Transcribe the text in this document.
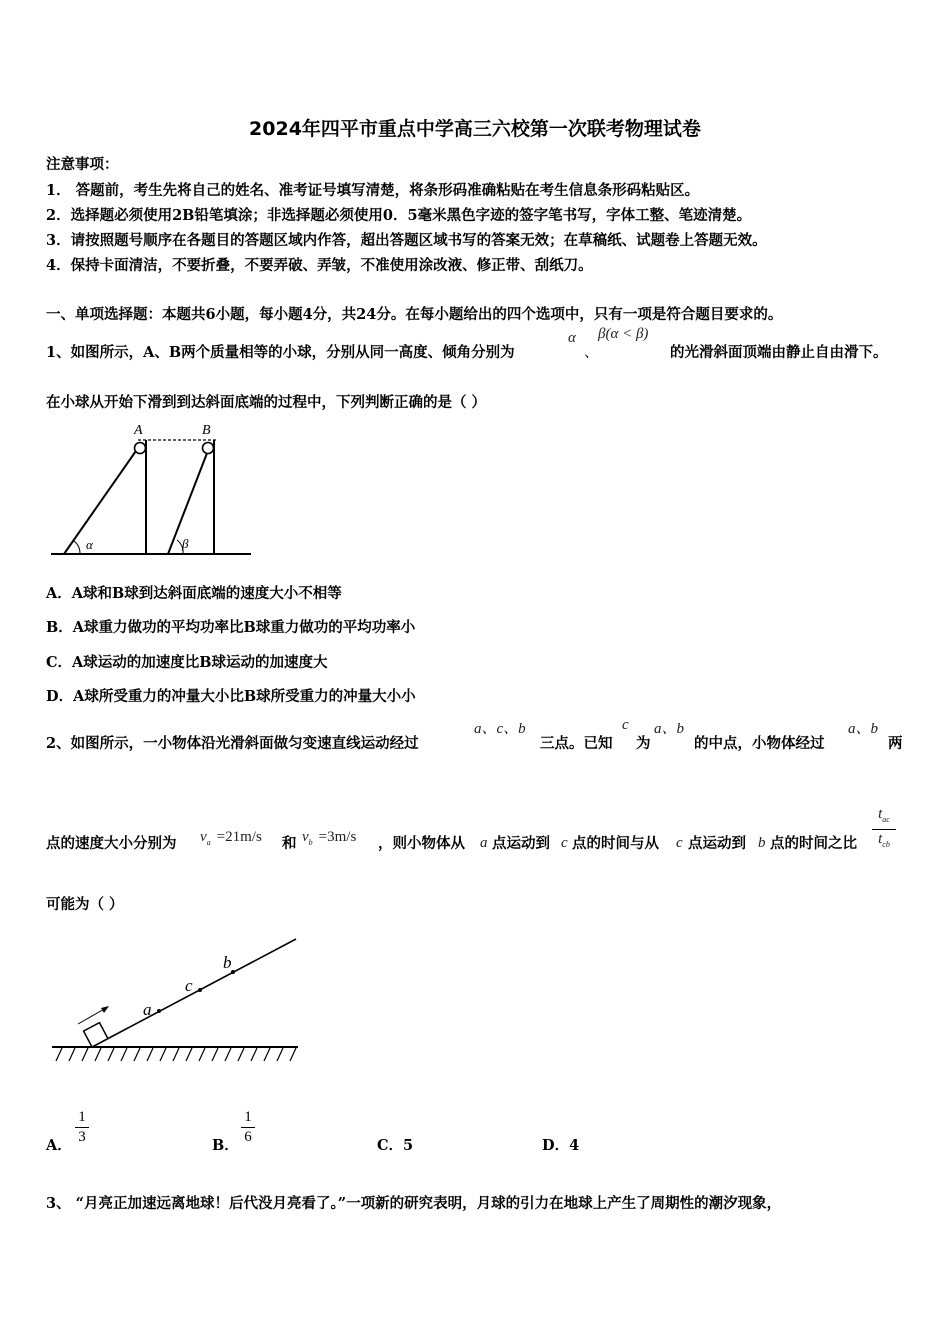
2024年四平市重点中学高三六校第一次联考物理试卷
注意事项：
1． 答题前，考生先将自己的姓名、准考证号填写清楚，将条形码准确粘贴在考生信息条形码粘贴区。
2．选择题必须使用2B铅笔填涂；非选择题必须使用0．5毫米黑色字迹的签字笔书写，字体工整、笔迹清楚。
3．请按照题号顺序在各题目的答题区域内作答，超出答题区域书写的答案无效；在草稿纸、试题卷上答题无效。
4．保持卡面清洁，不要折叠，不要弄破、弄皱，不准使用涂改液、修正带、刮纸刀。
一、单项选择题：本题共6小题，每小题4分，共24分。在每小题给出的四个选项中，只有一项是符合题目要求的。
1、如图所示，A、B两个质量相等的小球，分别从同一高度、倾角分别为
α
、
β(α < β)
的光滑斜面顶端由静止自由滑下。
在小球从开始下滑到到达斜面底端的过程中，下列判断正确的是（ ）
A	B
α	β
A．A球和B球到达斜面底端的速度大小不相等
B．A球重力做功的平均功率比B球重力做功的平均功率小
C．A球运动的加速度比B球运动的加速度大
D．A球所受重力的冲量大小比B球所受重力的冲量大小小
2、如图所示，一小物体沿光滑斜面做匀变速直线运动经过
a、c、b
三点。已知
c
为
a、b
的中点，小物体经过
a、b
两
点的速度大小分别为 $v_a =21m/s$ 和 $v_b =3m/s$ ，则小物体从 a 点运动到 c 点的时间与从 c 点运动到 b 点的时间之比
$t_{ac}$
$t_{cb}$
可能为（ ）
a
c
b
A．
1
3	B．
1
6	C．5	D．4
3、 “月亮正加速远离地球！后代没月亮看了。”一项新的研究表明，月球的引力在地球上产生了周期性的潮汐现象，
